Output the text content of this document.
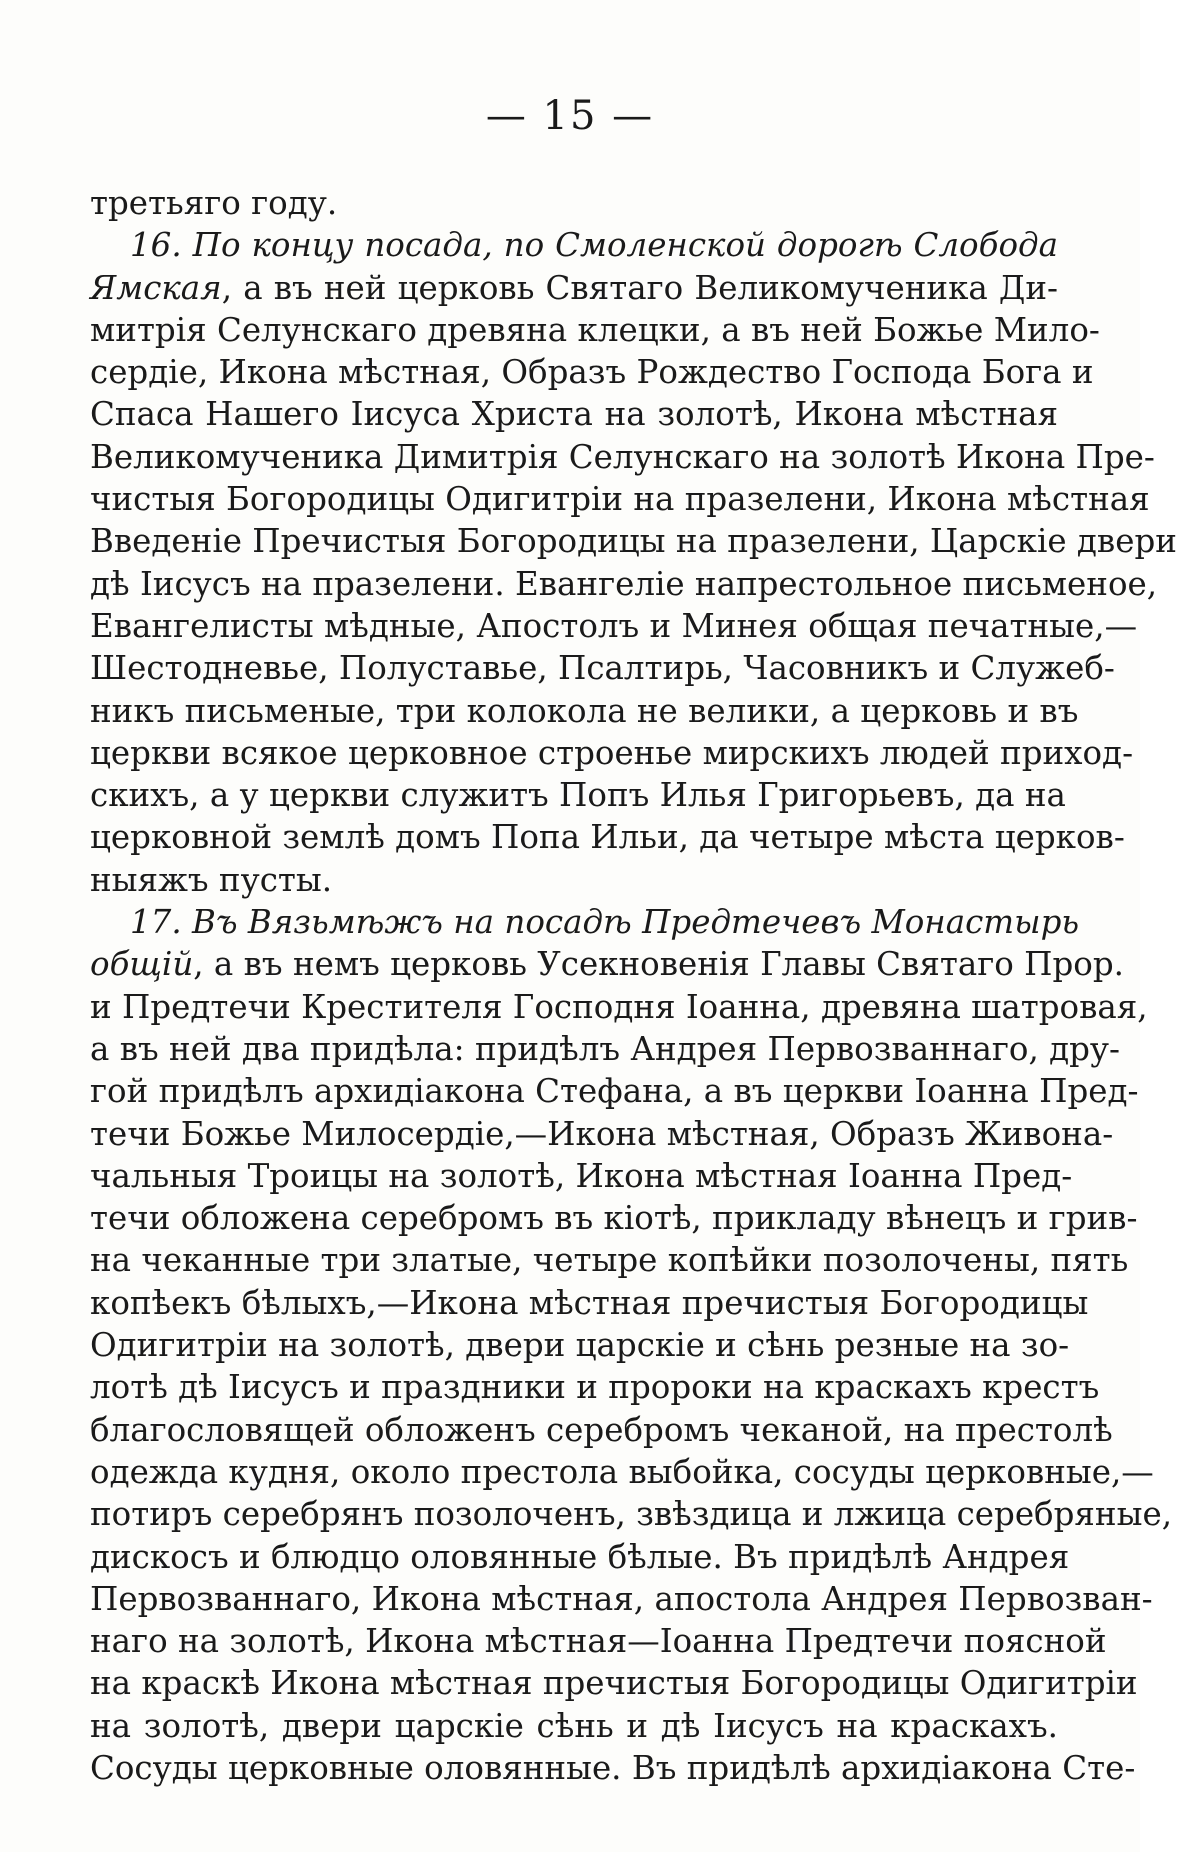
— 15 —
третьяго году.
16. По концу посада, по Смоленской дорогѣ Слобода
Ямская, а въ ней церковь Святаго Великомученика Ди-
митрія Селунскаго древяна клецки, а въ ней Божье Мило-
сердіе, Икона мѣстная, Образъ Рождество Господа Бога и
Спаса Нашего Іисуса Христа на золотѣ, Икона мѣстная
Великомученика Димитрія Селунскаго на золотѣ Икона Пре-
чистыя Богородицы Одигитріи на празелени, Икона мѣстная
Введеніе Пречистыя Богородицы на празелени, Царскіе двери
дѣ Іисусъ на празелени. Евангеліе напрестольное письменое,
Евангелисты мѣдные, Апостолъ и Минея общая печатные,—
Шестодневье, Полуставье, Псалтирь, Часовникъ и Служеб-
никъ письменые, три колокола не велики, а церковь и въ
церкви всякое церковное строенье мирскихъ людей приход-
скихъ, а у церкви служитъ Попъ Илья Григорьевъ, да на
церковной землѣ домъ Попа Ильи, да четыре мѣста церков-
ныяжъ пусты.
17. Въ Вязьмѣжъ на посадѣ Предтечевъ Монастырь
общій, а въ немъ церковь Усекновенія Главы Святаго Прор.
и Предтечи Крестителя Господня Іоанна, древяна шатровая,
а въ ней два придѣла: придѣлъ Андрея Первозваннаго, дру-
гой придѣлъ архидіакона Стефана, а въ церкви Іоанна Пред-
течи Божье Милосердіе,—Икона мѣстная, Образъ Живона-
чальныя Троицы на золотѣ, Икона мѣстная Іоанна Пред-
течи обложена серебромъ въ кіотѣ, прикладу вѣнецъ и грив-
на чеканные три златые, четыре копѣйки позолочены, пять
копѣекъ бѣлыхъ,—Икона мѣстная пречистыя Богородицы
Одигитріи на золотѣ, двери царскіе и сѣнь резные на зо-
лотѣ дѣ Іисусъ и праздники и пророки на краскахъ крестъ
благословящей обложенъ серебромъ чеканой, на престолѣ
одежда кудня, около престола выбойка, сосуды церковные,—
потиръ серебрянъ позолоченъ, звѣздица и лжица серебряные,
дискосъ и блюдцо оловянные бѣлые. Въ придѣлѣ Андрея
Первозваннаго, Икона мѣстная, апостола Андрея Первозван-
наго на золотѣ, Икона мѣстная—Іоанна Предтечи поясной
на краскѣ Икона мѣстная пречистыя Богородицы Одигитріи
на золотѣ, двери царскіе сѣнь и дѣ Іисусъ на краскахъ.
Сосуды церковные оловянные. Въ придѣлѣ архидіакона Сте-
